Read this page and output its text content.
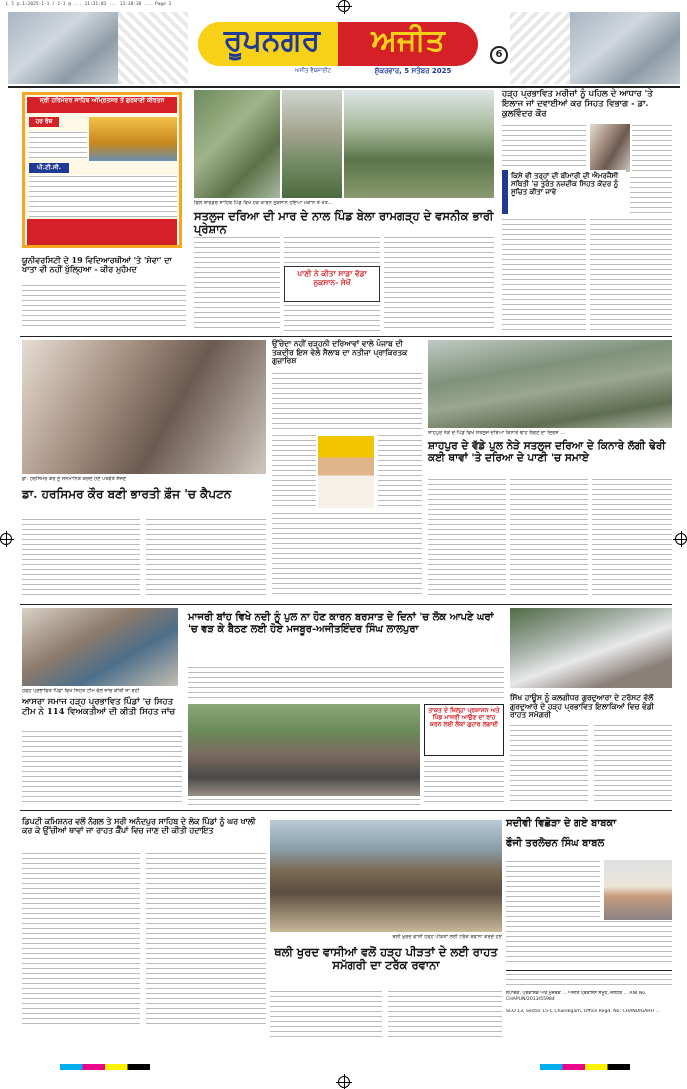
L 5 p.1:2025-1-1 / 1-3 @ ... 11:31:03 ... 13:38:38 ... Page 3
ਰੂਪਨਗਰ	ਅਜੀਤ
ਅਜੀਤ ਵੈਬਸਾਈਟ	ਸ਼ੁੱਕਰਵਾਰ, 5 ਸਤੰਬਰ 2025
6
ਸ੍ਰੀ ਹਰਿਮੰਦਰ ਸਾਹਿਬ ਅੰਮ੍ਰਿਤਸਰ ਤੋਂ ਗੁਰਬਾਣੀ ਕੀਰਤਨ
ਹਰ ਰੋਜ਼
ਪੀ.ਟੀ.ਸੀ.
ਯੂਨੀਵਰਸਿਟੀ ਦੇ 19 ਵਿਦਿਆਰਥੀਆਂ 'ਤੇ 'ਸੇਵਾ' ਦਾ ਖਾਤਾ ਵੀ ਨਹੀਂ ਖੁੱਲ੍ਹਿਆ - ਕੀਰ ਮੁਹੰਮਦ
ਫਿਲ ਬਾਰਡਰ ਸਾਹਿਬ ਪਿੰਡ ਵਿਖੇ ਹੜ ਕਾਰਨ ਨੁਕਸਾਨ ਹੋਇਆ ਮਕਾਨ ਤੇ ਖੇਤ...
ਸਤਲੁਜ ਦਰਿਆ ਦੀ ਮਾਰ ਦੇ ਨਾਲ ਪਿੰਡ ਬੇਲਾ ਰਾਮਗੜ੍ਹ ਦੇ ਵਸਨੀਕ ਭਾਰੀ ਪ੍ਰੇਸ਼ਾਨ
ਪਾਣੀ ਨੇ ਕੀਤਾ ਸਾਡਾ ਵੱਡਾ ਨੁਕਸਾਨ- ਸੇਖੋਂ
ਹੜ੍ਹ ਪ੍ਰਭਾਵਿਤ ਮਰੀਜ਼ਾਂ ਨੂੰ ਪਹਿਲ ਦੇ ਆਧਾਰ 'ਤੇ ਇਲਾਜ ਜਾਂ ਦਵਾਈਆਂ ਕਰ ਸਿਹਤ ਵਿਭਾਗ - ਡਾ. ਕੁਲਵਿੰਦਰ ਕੌਰ
ਕਿਸੇ ਵੀ ਤਰ੍ਹਾਂ ਦੀ ਬੀਮਾਰੀ ਦੀ ਐਮਰਜੈਂਸੀ ਸਥਿਤੀ 'ਚ ਤੁਰੰਤ ਨਜ਼ਦੀਕ ਸਿਹਤ ਕੇਂਦਰ ਨੂੰ ਸੂਚਿਤ ਕੀਤਾ ਜਾਵੇ
ਡਾ. ਹਰਸਿਮਰ ਕੌਰ ਨੂੰ ਸਨਮਾਨਿਤ ਕਰਦੇ ਹੋਏ ਪਤਵੰਤੇ ਸੱਜਣ
ਡਾ. ਹਰਸਿਮਰ ਕੌਰ ਬਣੀ ਭਾਰਤੀ ਫ਼ੌਜ 'ਚ ਕੈਪਟਨ
ਉੱਚੇਦਾ ਨਹੀਂ ਚੜ੍ਹਨੀ ਦਰਿਆਵਾਂ ਵਾਲੇ ਪੰਜਾਬ ਦੀ ਤਕਦੀਰ ਇਸ ਵੇਲੇ ਸੈਲਾਬ ਦਾ ਨਤੀਜਾ ਪ੍ਰਾਕਿਰਤਕ ਗੁਜ਼ਾਰਿਸ਼
ਸ਼ਾਹਪੁਰ ਨੇੜੇ ਦੇ ਪਿੰਡ ਵਿਖੇ ਸਤਲੁਜ ਦਰਿਆ ਕਿਨਾਰੇ ਢਾਹ ਲੱਗਣ ਦਾ ਦ੍ਰਿਸ਼ ...
ਸ਼ਾਹਪੁਰ ਦੇ ਵੱਡੇ ਪੁਲ ਨੇੜੇ ਸਤਲੁਜ ਦਰਿਆ ਦੇ ਕਿਨਾਰੇ ਲੱਗੀ ਢੇਰੀ ਕਈ ਥਾਵਾਂ 'ਤੇ ਦਰਿਆ ਦੇ ਪਾਣੀ 'ਚ ਸਮਾਏ
ਹੜ੍ਹ ਪ੍ਰਭਾਵਿਤ ਪਿੰਡਾਂ ਵਿਖੇ ਸਿਹਤ ਟੀਮ ਵੱਲੋਂ ਜਾਂਚ ਕੀਤੀ ਜਾ ਰਹੀ
ਆਸਰਾ ਸਮਾਜ ਹੜ੍ਹ ਪ੍ਰਭਾਵਿਤ ਪਿੰਡਾਂ 'ਚ ਸਿਹਤ ਟੀਮ ਨੇ 114 ਵਿਅਕਤੀਆਂ ਦੀ ਕੀਤੀ ਸਿਹਤ ਜਾਂਚ
ਮਾਜਰੀ ਬਾਂਹ ਵਿਖੇ ਨਦੀ ਨੂੰ ਪੁਲ ਨਾ ਹੋਣ ਕਾਰਨ ਬਰਸਾਤ ਦੇ ਦਿਨਾਂ 'ਚ ਲੋਕ ਆਪਣੇ ਘਰਾਂ 'ਚ ਵੜ ਕੇ ਬੈਠਣ ਲਈ ਹੋਏ ਮਜਬੂਰ-ਅਜੀਤਇੰਦਰ ਸਿੰਘ ਲਾਲਪੁਰਾ
ਤਾਕਤ ਦੇ ਜ਼ਿਲ੍ਹਾ ਪ੍ਰਸ਼ਾਸਨ ਅਤੇ ਪਿੰਡ ਮਾਜਰੀ ਆਉਣ ਦਾ ਰਾਹ ਕਰਨ ਲਈ ਲੋਕਾਂ ਗੁਹਾਰ ਲਗਾਈ
ਸਿੱਖ ਹਾਊਸ ਨੂੰ ਕਲਗੀਧਰ ਗੁਰਦੁਆਰਾ ਦੇ ਟਰੱਸਟ ਵੱਲੋਂ ਗੁਰਦੁਆਰੇ ਦੇ ਹੜ੍ਹ ਪ੍ਰਭਾਵਿਤ ਇਲਾਕਿਆਂ ਵਿਚ ਵੰਡੀ ਰਾਹਤ ਸਮੱਗਰੀ
ਡਿਪਟੀ ਕਮਿਸ਼ਨਰ ਵਲੋਂ ਨੰਗਲ ਤੇ ਸ੍ਰੀ ਅਨੰਦਪੁਰ ਸਾਹਿਬ ਦੇ ਲੋਕ ਪਿੰਡਾਂ ਨੂੰ ਘਰ ਖਾਲੀ ਕਰ ਕੇ ਉੱਚੀਆਂ ਥਾਵਾਂ ਜਾ ਰਾਹਤ ਕੈਂਪਾਂ ਵਿਚ ਜਾਣ ਦੀ ਕੀਤੀ ਹਦਾਇਤ
ਥਲੀ ਖੁਰਦ ਵਾਸੀ ਹੜ੍ਹ ਪੀੜਤਾਂ ਲਈ ਟਰੱਕ ਰਵਾਨਾ ਕਰਦੇ ਹੋਏ
ਥਲੀ ਖੁਰਦ ਵਾਸੀਆਂ ਵਲੋਂ ਹੜ੍ਹ ਪੀੜਤਾਂ ਦੇ ਲਈ ਰਾਹਤ ਸਮੱਗਰੀ ਦਾ ਟਰੱਕ ਰਵਾਨਾ
ਸਦੀਵੀ ਵਿਛੋੜਾ ਦੇ ਗਏ ਬਾਬਕਾ
ਫੌਜੀ ਤਰਲੋਚਨ ਸਿੰਘ ਬਾਬਲ
ਸੰਪਾਦਕ, ਪ੍ਰਕਾਸ਼ਕ ਅਤੇ ਮੁਦਰਕ ... ਅਜੀਤ ਪ੍ਰਕਾਸ਼ਨ ਸਮੂਹ, ਜਲੰਧਰ ... RNI No. CHAPUN/2013/55984
SCO 13, Sector 15-C Chandigarh, Office Regd. No: CHANDIGARH ...
